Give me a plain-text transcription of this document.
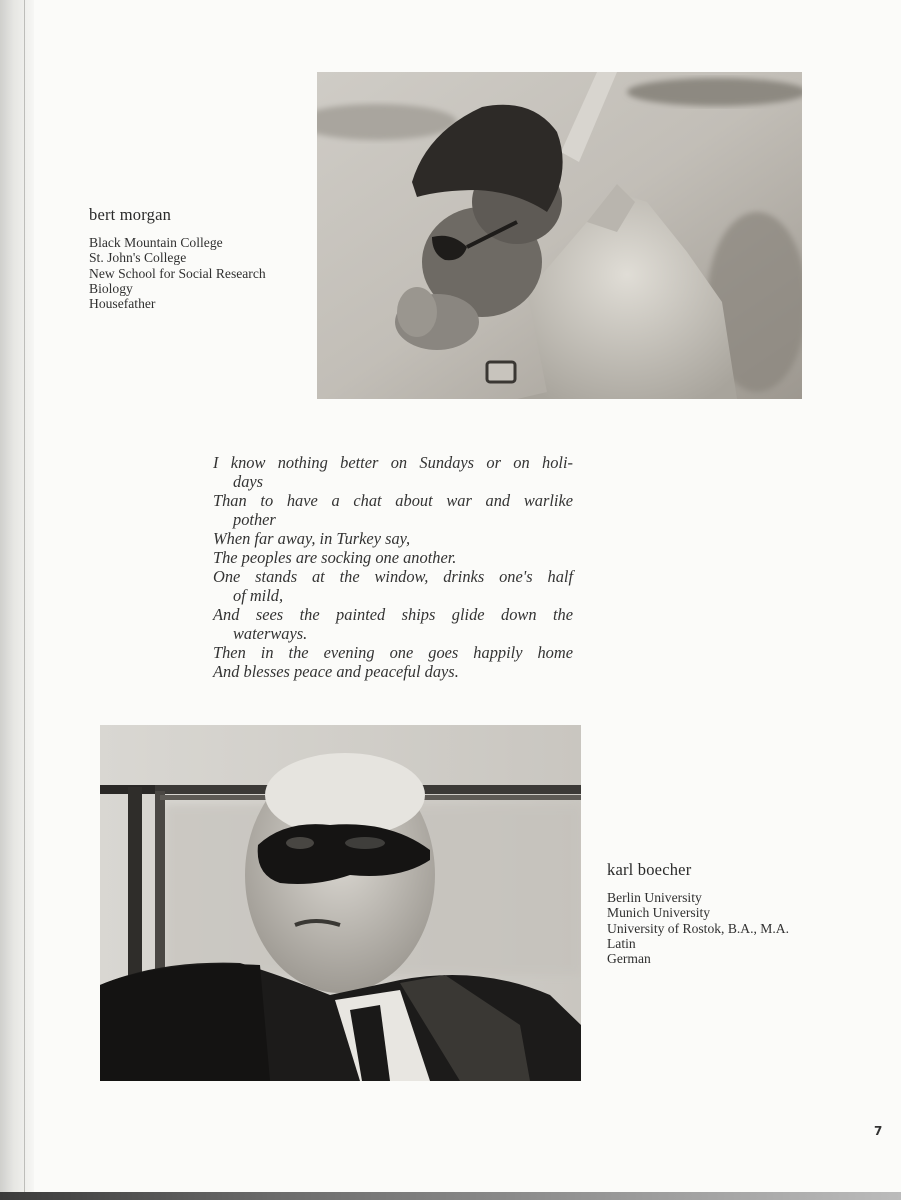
bert morgan
Black Mountain College
St. John's College
New School for Social Research
Biology
Housefather
I know nothing better on Sundays or on holi-
days
Than to have a chat about war and warlike
pother
When far away, in Turkey say,
The peoples are socking one another.
One stands at the window, drinks one's half
of mild,
And sees the painted ships glide down the
waterways.
Then in the evening one goes happily home
And blesses peace and peaceful days.
karl boecher
Berlin University
Munich University
University of Rostok, B.A., M.A.
Latin
German
7
